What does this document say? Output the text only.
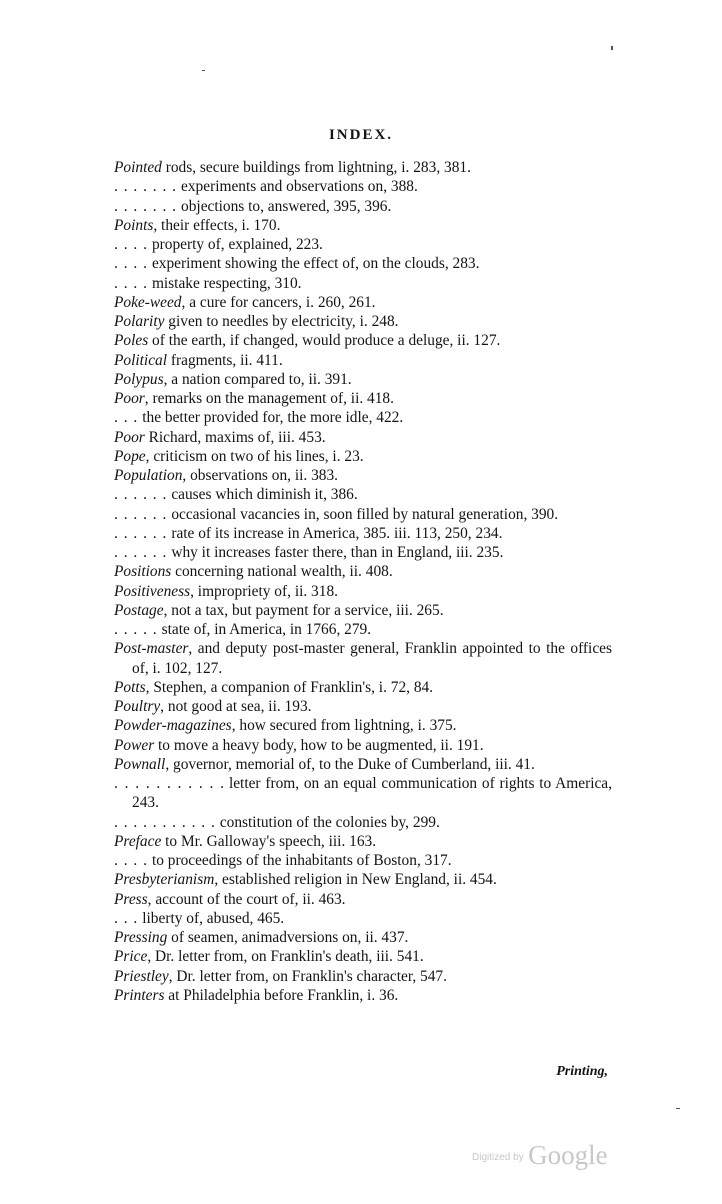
INDEX.
Pointed rods, secure buildings from lightning, i. 283, 381.
. . . . . . . experiments and observations on, 388.
. . . . . . . objections to, answered, 395, 396.
Points, their effects, i. 170.
. . . . property of, explained, 223.
. . . . experiment showing the effect of, on the clouds, 283.
. . . . mistake respecting, 310.
Poke-weed, a cure for cancers, i. 260, 261.
Polarity given to needles by electricity, i. 248.
Poles of the earth, if changed, would produce a deluge, ii. 127.
Political fragments, ii. 411.
Polypus, a nation compared to, ii. 391.
Poor, remarks on the management of, ii. 418.
. . . the better provided for, the more idle, 422.
Poor Richard, maxims of, iii. 453.
Pope, criticism on two of his lines, i. 23.
Population, observations on, ii. 383.
. . . . . . causes which diminish it, 386.
. . . . . . occasional vacancies in, soon filled by natural generation, 390.
. . . . . . rate of its increase in America, 385. iii. 113, 250, 234.
. . . . . . why it increases faster there, than in England, iii. 235.
Positions concerning national wealth, ii. 408.
Positiveness, impropriety of, ii. 318.
Postage, not a tax, but payment for a service, iii. 265.
. . . . . state of, in America, in 1766, 279.
Post-master, and deputy post-master general, Franklin appointed to the offices of, i. 102, 127.
Potts, Stephen, a companion of Franklin's, i. 72, 84.
Poultry, not good at sea, ii. 193.
Powder-magazines, how secured from lightning, i. 375.
Power to move a heavy body, how to be augmented, ii. 191.
Pownall, governor, memorial of, to the Duke of Cumberland, iii. 41.
. . . . . . . . . . . letter from, on an equal communication of rights to America, 243.
. . . . . . . . . . . constitution of the colonies by, 299.
Preface to Mr. Galloway's speech, iii. 163.
. . . . to proceedings of the inhabitants of Boston, 317.
Presbyterianism, established religion in New England, ii. 454.
Press, account of the court of, ii. 463.
. . . liberty of, abused, 465.
Pressing of seamen, animadversions on, ii. 437.
Price, Dr. letter from, on Franklin's death, iii. 541.
Priestley, Dr. letter from, on Franklin's character, 547.
Printers at Philadelphia before Franklin, i. 36.
Printing,
$^{Digitized by}$ Google
